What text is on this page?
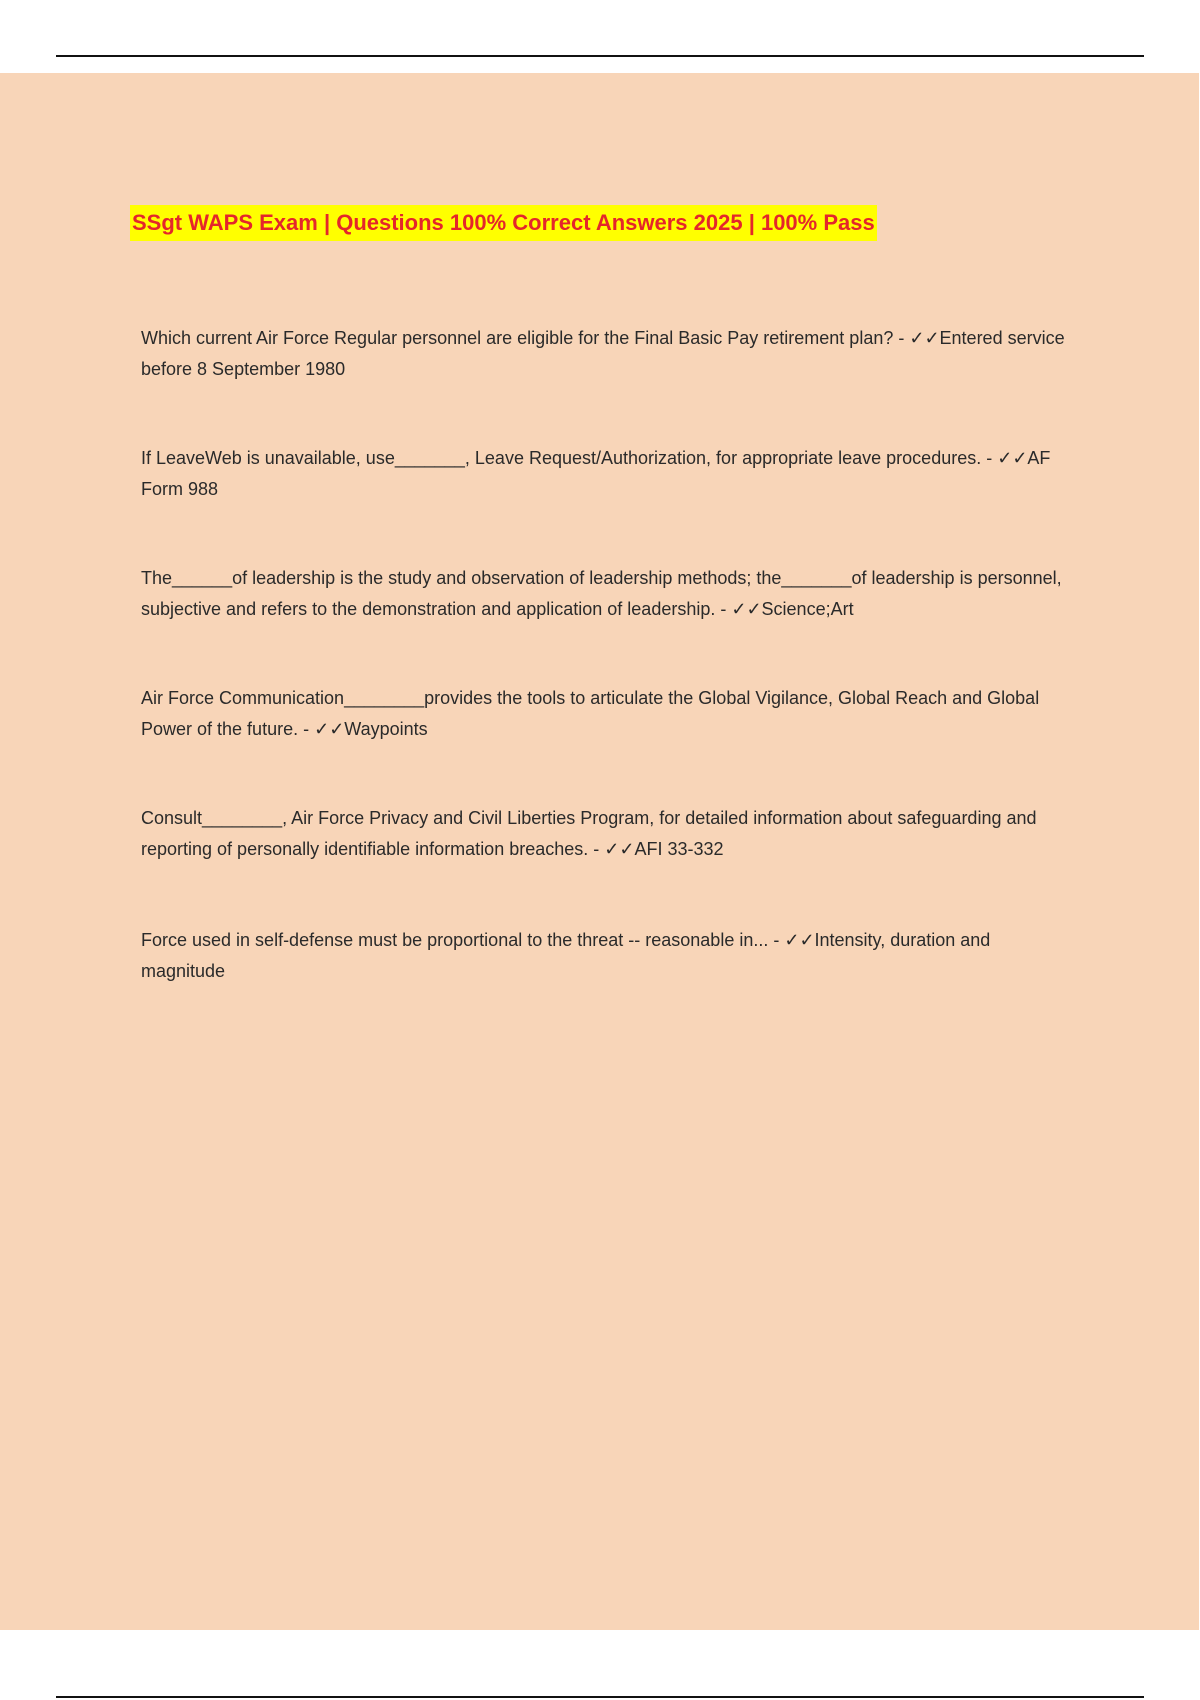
SSgt WAPS Exam | Questions 100% Correct Answers 2025 | 100% Pass

Which current Air Force Regular personnel are eligible for the Final Basic Pay retirement plan? - ✓✓Entered service before 8 September 1980

If LeaveWeb is unavailable, use_______, Leave Request/Authorization, for appropriate leave procedures. - ✓✓AF Form 988

The______of leadership is the study and observation of leadership methods; the_______of leadership is personnel, subjective and refers to the demonstration and application of leadership. - ✓✓Science;Art

Air Force Communication________provides the tools to articulate the Global Vigilance, Global Reach and Global Power of the future. - ✓✓Waypoints

Consult________, Air Force Privacy and Civil Liberties Program, for detailed information about safeguarding and reporting of personally identifiable information breaches. - ✓✓AFI 33-332

Force used in self-defense must be proportional to the threat -- reasonable in... - ✓✓Intensity, duration and magnitude
